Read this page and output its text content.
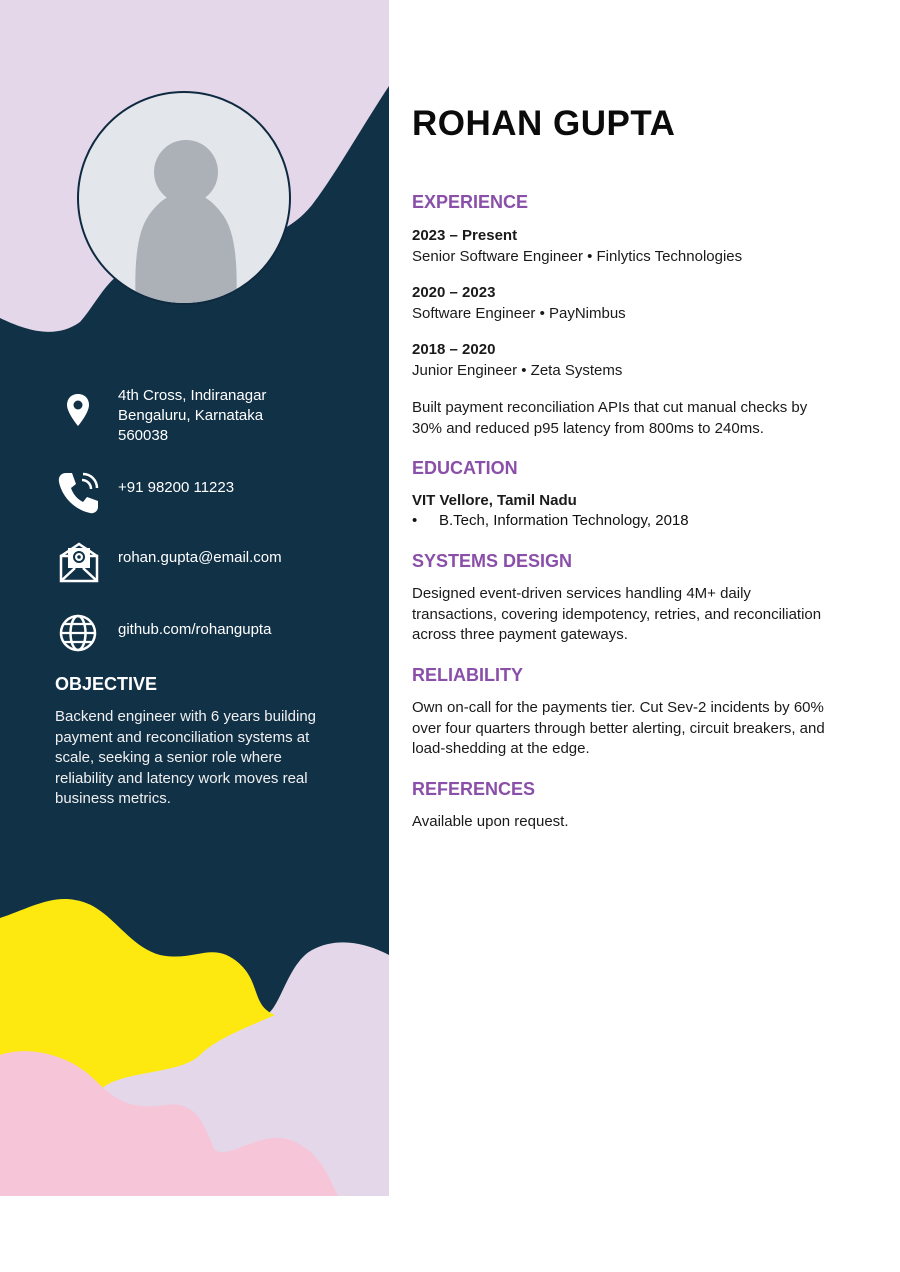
4th Cross, Indiranagar
Bengaluru, Karnataka
560038
+91 98200 11223
rohan.gupta@email.com
github.com/rohangupta
OBJECTIVE
Backend engineer with 6 years building payment and reconciliation systems at scale, seeking a senior role where reliability and latency work moves real business metrics.
ROHAN GUPTA
EXPERIENCE
2023 – Present
Senior Software Engineer • Finlytics Technologies
2020 – 2023
Software Engineer • PayNimbus
2018 – 2020
Junior Engineer • Zeta Systems

Built payment reconciliation APIs that cut manual checks by 30% and reduced p95 latency from 800ms to 240ms.

EDUCATION
VIT Vellore, Tamil Nadu
• B.Tech, Information Technology, 2018
SYSTEMS DESIGN

Designed event-driven services handling 4M+ daily transactions, covering idempotency, retries, and reconciliation across three payment gateways.

RELIABILITY

Own on-call for the payments tier. Cut Sev-2 incidents by 60% over four quarters through better alerting, circuit breakers, and load-shedding at the edge.

REFERENCES

Available upon request.
